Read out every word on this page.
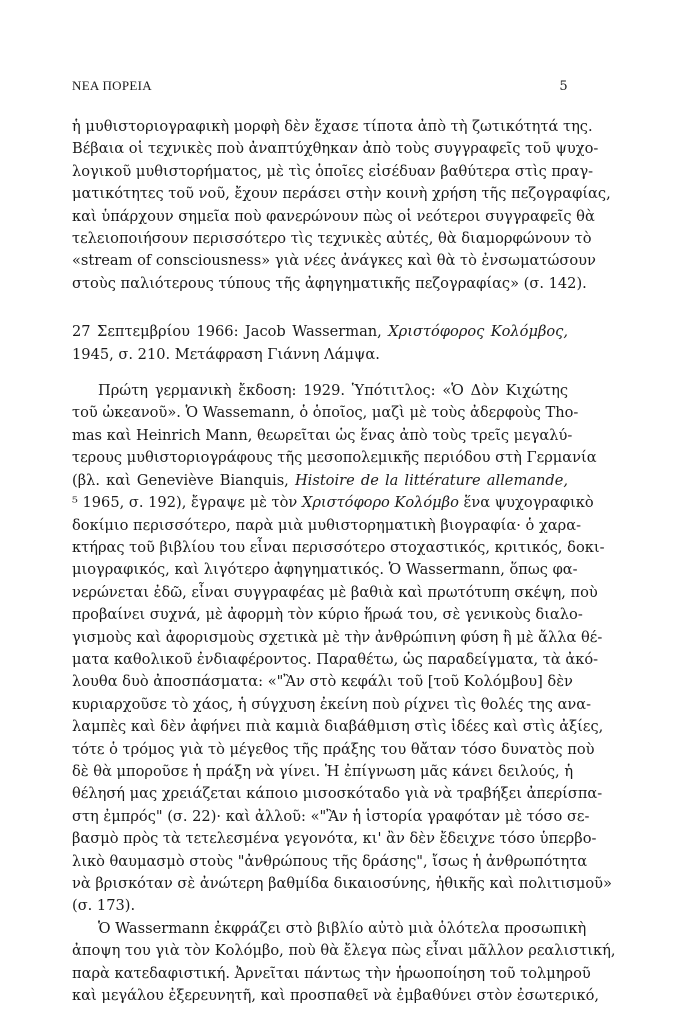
ΝΕΑ ΠΟΡΕΙΑ	5
ἡ μυθιστοριογραφικὴ μορφὴ δὲν ἔχασε τίποτα ἀπὸ τὴ ζωτικότητά της.
Βέβαια οἱ τεχνικὲς ποὺ ἀναπτύχθηκαν ἀπὸ τοὺς συγγραφεῖς τοῦ ψυχο-
λογικοῦ μυθιστορήματος, μὲ τὶς ὁποῖες εἰσέδυαν βαθύτερα στὶς πραγ-
ματικότητες τοῦ νοῦ, ἔχουν περάσει στὴν κοινὴ χρήση τῆς πεζογραφίας,
καὶ ὑπάρχουν σημεῖα ποὺ φανερώνουν πὼς οἱ νεότεροι συγγραφεῖς θὰ
τελειοποιήσουν περισσότερο τὶς τεχνικὲς αὐτές, θὰ διαμορφώνουν τὸ
«stream of consciousness» γιὰ νέες ἀνάγκες καὶ θὰ τὸ ἐνσωματώσουν
στοὺς παλιότερους τύπους τῆς ἀφηγηματικῆς πεζογραφίας» (σ. 142).
27 Σεπτεμβρίου 1966: Jacob Wasserman, Χριστόφορος Κολόμβος,
1945, σ. 210. Μετάφραση Γιάννη Λάμψα.
Πρώτη γερμανικὴ ἔκδοση: 1929. Ὑπότιτλος: «Ὁ Δὸν Κιχώτης
τοῦ ὠκεανοῦ». Ὁ Wassemann, ὁ ὁποῖος, μαζὶ μὲ τοὺς ἀδερφοὺς Tho-
mas καὶ Heinrich Mann, θεωρεῖται ὡς ἕνας ἀπὸ τοὺς τρεῖς μεγαλύ-
τερους μυθιστοριογράφους τῆς μεσοπολεμικῆς περιόδου στὴ Γερμανία
(βλ. καὶ Geneviève Bianquis, Histoire de la littérature allemande,
⁵ 1965, σ. 192), ἔγραψε μὲ τὸν Χριστόφορο Κολόμβο ἕνα ψυχογραφικὸ
δοκίμιο περισσότερο, παρὰ μιὰ μυθιστορηματικὴ βιογραφία· ὁ χαρα-
κτήρας τοῦ βιβλίου του εἶναι περισσότερο στοχαστικός, κριτικός, δοκι-
μιογραφικός, καὶ λιγότερο ἀφηγηματικός. Ὁ Wassermann, ὅπως φα-
νερώνεται ἐδῶ, εἶναι συγγραφέας μὲ βαθιὰ καὶ πρωτότυπη σκέψη, ποὺ
προβαίνει συχνά, μὲ ἀφορμὴ τὸν κύριο ἥρωά του, σὲ γενικοὺς διαλο-
γισμοὺς καὶ ἀφορισμοὺς σχετικὰ μὲ τὴν ἀνθρώπινη φύση ἢ μὲ ἄλλα θέ-
ματα καθολικοῦ ἐνδιαφέροντος. Παραθέτω, ὡς παραδείγματα, τὰ ἀκό-
λουθα δυὸ ἀποσπάσματα: «"Ἂν στὸ κεφάλι τοῦ [τοῦ Κολόμβου] δὲν
κυριαρχοῦσε τὸ χάος, ἡ σύγχυση ἐκείνη ποὺ ρίχνει τὶς θολές της ανα-
λαμπὲς καὶ δὲν ἀφήνει πιὰ καμιὰ διαβάθμιση στὶς ἰδέες καὶ στὶς ἀξίες,
τότε ὁ τρόμος γιὰ τὸ μέγεθος τῆς πράξης του θἄταν τόσο δυνατὸς ποὺ
δὲ θὰ μποροῦσε ἡ πράξη νὰ γίνει. Ἡ ἐπίγνωση μᾶς κάνει δειλούς, ἡ
θέλησή μας χρειάζεται κάποιο μισοσκόταδο γιὰ νὰ τραβήξει ἀπερίσπα-
στη ἐμπρός" (σ. 22)· καὶ ἀλλοῦ: «"Ἂν ἡ ἱστορία γραφόταν μὲ τόσο σε-
βασμὸ πρὸς τὰ τετελεσμένα γεγονότα, κι' ἂν δὲν ἔδειχνε τόσο ὑπερβο-
λικὸ θαυμασμὸ στοὺς "ἀνθρώπους τῆς δράσης", ἴσως ἡ ἀνθρωπότητα
νὰ βρισκόταν σὲ ἀνώτερη βαθμίδα δικαιοσύνης, ἠθικῆς καὶ πολιτισμοῦ»
(σ. 173).
Ὁ Wassermann ἐκφράζει στὸ βιβλίο αὐτὸ μιὰ ὁλότελα προσωπικὴ
ἀποψη του γιὰ τὸν Κολόμβο, ποὺ θὰ ἔλεγα πὼς εἶναι μᾶλλον ρεαλιστική,
παρὰ κατεδαφιστική. Ἀρνεῖται πάντως τὴν ἡρωοποίηση τοῦ τολμηροῦ
καὶ μεγάλου ἐξερευνητῆ, καὶ προσπαθεῖ νὰ ἐμβαθύνει στὸν ἐσωτερικό,
